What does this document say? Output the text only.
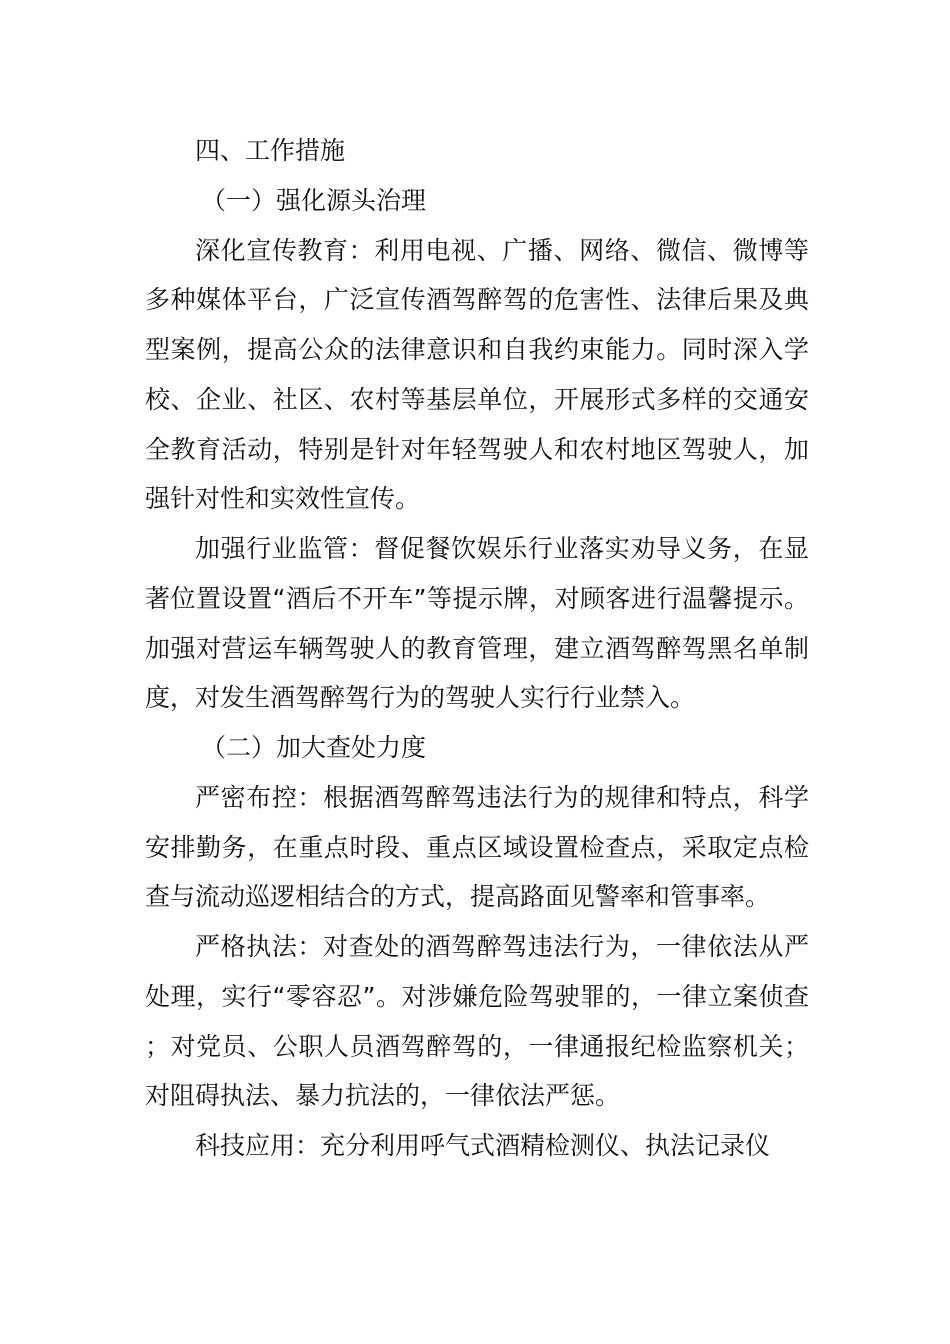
四、工作措施
（一）强化源头治理

深化宣传教育：利用电视、广播、网络、微信、微博等多种媒体平台，广泛宣传酒驾醉驾的危害性、法律后果及典型案例，提高公众的法律意识和自我约束能力。同时深入学校、企业、社区、农村等基层单位，开展形式多样的交通安全教育活动，特别是针对年轻驾驶人和农村地区驾驶人，加强针对性和实效性宣传。

加强行业监管：督促餐饮娱乐行业落实劝导义务，在显著位置设置“酒后不开车”等提示牌，对顾客进行温馨提示。加强对营运车辆驾驶人的教育管理，建立酒驾醉驾黑名单制度，对发生酒驾醉驾行为的驾驶人实行行业禁入。

（二）加大查处力度

严密布控：根据酒驾醉驾违法行为的规律和特点，科学安排勤务，在重点时段、重点区域设置检查点，采取定点检查与流动巡逻相结合的方式，提高路面见警率和管事率。

严格执法：对查处的酒驾醉驾违法行为，一律依法从严处理，实行“零容忍”。对涉嫌危险驾驶罪的，一律立案侦查；对党员、公职人员酒驾醉驾的，一律通报纪检监察机关；对阻碍执法、暴力抗法的，一律依法严惩。

科技应用：充分利用呼气式酒精检测仪、执法记录仪
